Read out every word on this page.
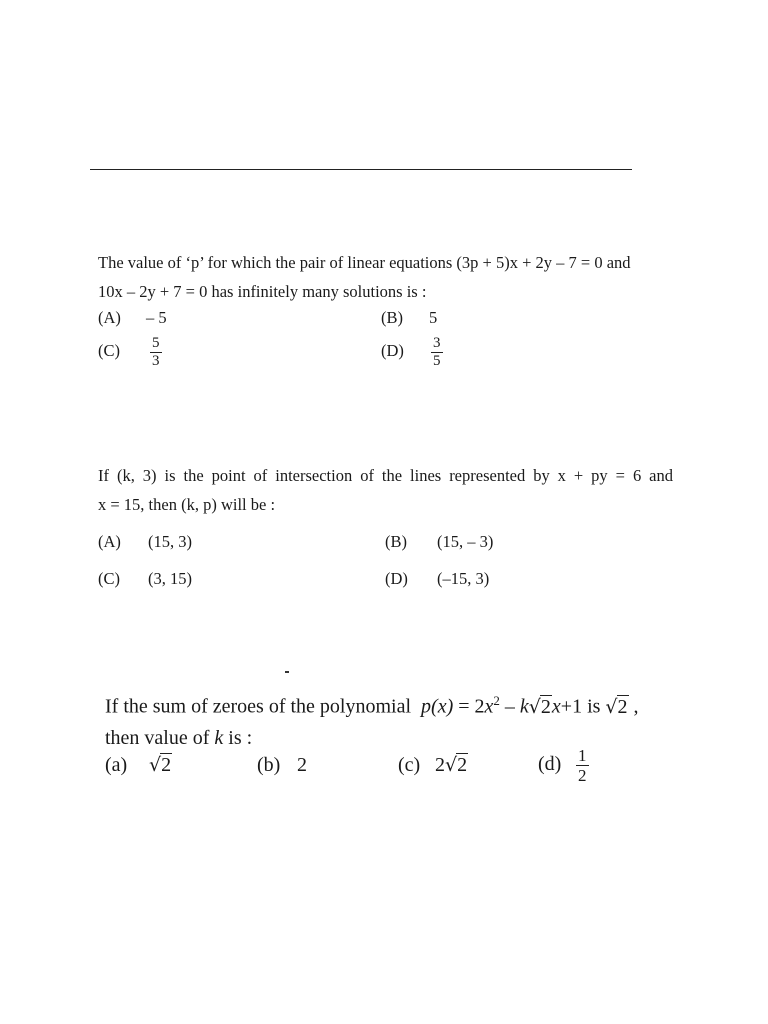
The value of ‘p’ for which the pair of linear equations (3p + 5)x + 2y – 7 = 0 and
10x – 2y + 7 = 0 has infinitely many solutions is :
(A) – 5	(B) 5
$(C) \frac{5}{3}$	$(D) \frac{3}{5}$
If (k, 3) is the point of intersection of the lines represented by x + py = 6 and
x = 15, then (k, p) will be :
(A) (15, 3)	(B) (15, – 3)
(C) (3, 15)	(D) (–15, 3)
If the sum of zeroes of the polynomial $p(x) = 2x^2 - k√2x+1$ is √2 ,
then value of k is :
(a) √2	(b) 2	(c) 2√2	$(d) \frac{1}{2}$
